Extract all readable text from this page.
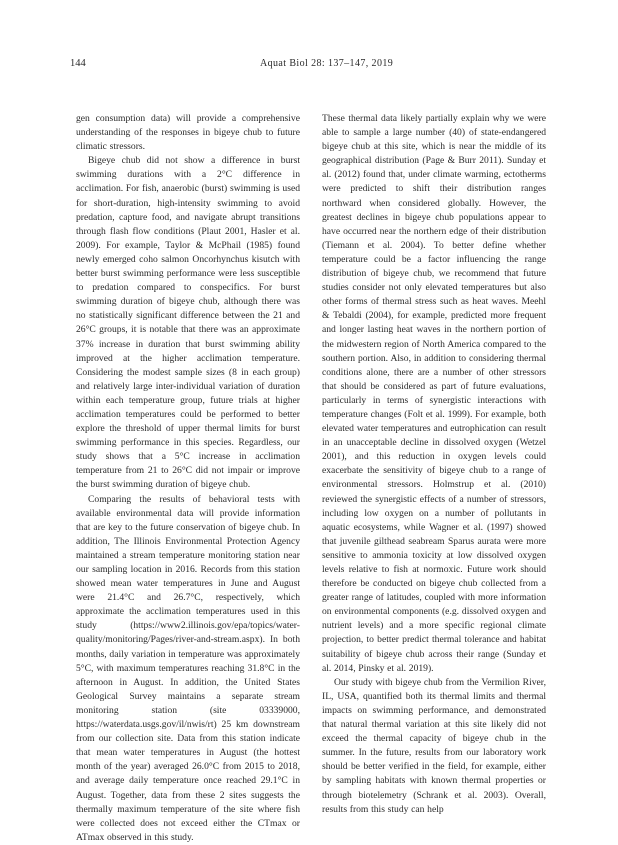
144	Aquat Biol 28: 137–147, 2019

gen consumption data) will provide a comprehensive understanding of the responses in bigeye chub to future climatic stressors.

Bigeye chub did not show a difference in burst swimming durations with a 2°C difference in acclimation. For fish, anaerobic (burst) swimming is used for short-duration, high-intensity swimming to avoid predation, capture food, and navigate abrupt transitions through flash flow conditions (Plaut 2001, Hasler et al. 2009). For example, Taylor & McPhail (1985) found newly emerged coho salmon Oncorhynchus kisutch with better burst swimming performance were less susceptible to predation compared to conspecifics. For burst swimming duration of bigeye chub, although there was no statistically significant difference between the 21 and 26°C groups, it is notable that there was an approximate 37% increase in duration that burst swimming ability improved at the higher acclimation temperature. Considering the modest sample sizes (8 in each group) and relatively large inter-individual variation of duration within each temperature group, future trials at higher acclimation temperatures could be performed to better explore the threshold of upper thermal limits for burst swimming performance in this species. Regardless, our study shows that a 5°C increase in acclimation temperature from 21 to 26°C did not impair or improve the burst swimming duration of bigeye chub.

Comparing the results of behavioral tests with available environmental data will provide information that are key to the future conservation of bigeye chub. In addition, The Illinois Environmental Protection Agency maintained a stream temperature monitoring station near our sampling location in 2016. Records from this station showed mean water temperatures in June and August were 21.4°C and 26.7°C, respectively, which approximate the acclimation temperatures used in this study (https://www2.illinois.gov/epa/topics/water-quality/monitoring/Pages/river-and-stream.aspx). In both months, daily variation in temperature was approximately 5°C, with maximum temperatures reaching 31.8°C in the afternoon in August. In addition, the United States Geological Survey maintains a separate stream monitoring station (site 03339000, https://waterdata.usgs.gov/il/nwis/rt) 25 km downstream from our collection site. Data from this station indicate that mean water temperatures in August (the hottest month of the year) averaged 26.0°C from 2015 to 2018, and average daily temperature once reached 29.1°C in August. Together, data from these 2 sites suggests the thermally maximum temperature of the site where fish were collected does not exceed either the CTmax or ATmax observed in this study.

These thermal data likely partially explain why we were able to sample a large number (40) of state-endangered bigeye chub at this site, which is near the middle of its geographical distribution (Page & Burr 2011). Sunday et al. (2012) found that, under climate warming, ectotherms were predicted to shift their distribution ranges northward when considered globally. However, the greatest declines in bigeye chub populations appear to have occurred near the northern edge of their distribution (Tiemann et al. 2004). To better define whether temperature could be a factor influencing the range distribution of bigeye chub, we recommend that future studies consider not only elevated temperatures but also other forms of thermal stress such as heat waves. Meehl & Tebaldi (2004), for example, predicted more frequent and longer lasting heat waves in the northern portion of the midwestern region of North America compared to the southern portion. Also, in addition to considering thermal conditions alone, there are a number of other stressors that should be considered as part of future evaluations, particularly in terms of synergistic interactions with temperature changes (Folt et al. 1999). For example, both elevated water temperatures and eutrophication can result in an unacceptable decline in dissolved oxygen (Wetzel 2001), and this reduction in oxygen levels could exacerbate the sensitivity of bigeye chub to a range of environmental stressors. Holmstrup et al. (2010) reviewed the synergistic effects of a number of stressors, including low oxygen on a number of pollutants in aquatic ecosystems, while Wagner et al. (1997) showed that juvenile gilthead seabream Sparus aurata were more sensitive to ammonia toxicity at low dissolved oxygen levels relative to fish at normoxic. Future work should therefore be conducted on bigeye chub collected from a greater range of latitudes, coupled with more information on environmental components (e.g. dissolved oxygen and nutrient levels) and a more specific regional climate projection, to better predict thermal tolerance and habitat suitability of bigeye chub across their range (Sunday et al. 2014, Pinsky et al. 2019).

Our study with bigeye chub from the Vermilion River, IL, USA, quantified both its thermal limits and thermal impacts on swimming performance, and demonstrated that natural thermal variation at this site likely did not exceed the thermal capacity of bigeye chub in the summer. In the future, results from our laboratory work should be better verified in the field, for example, either by sampling habitats with known thermal properties or through biotelemetry (Schrank et al. 2003). Overall, results from this study can help
